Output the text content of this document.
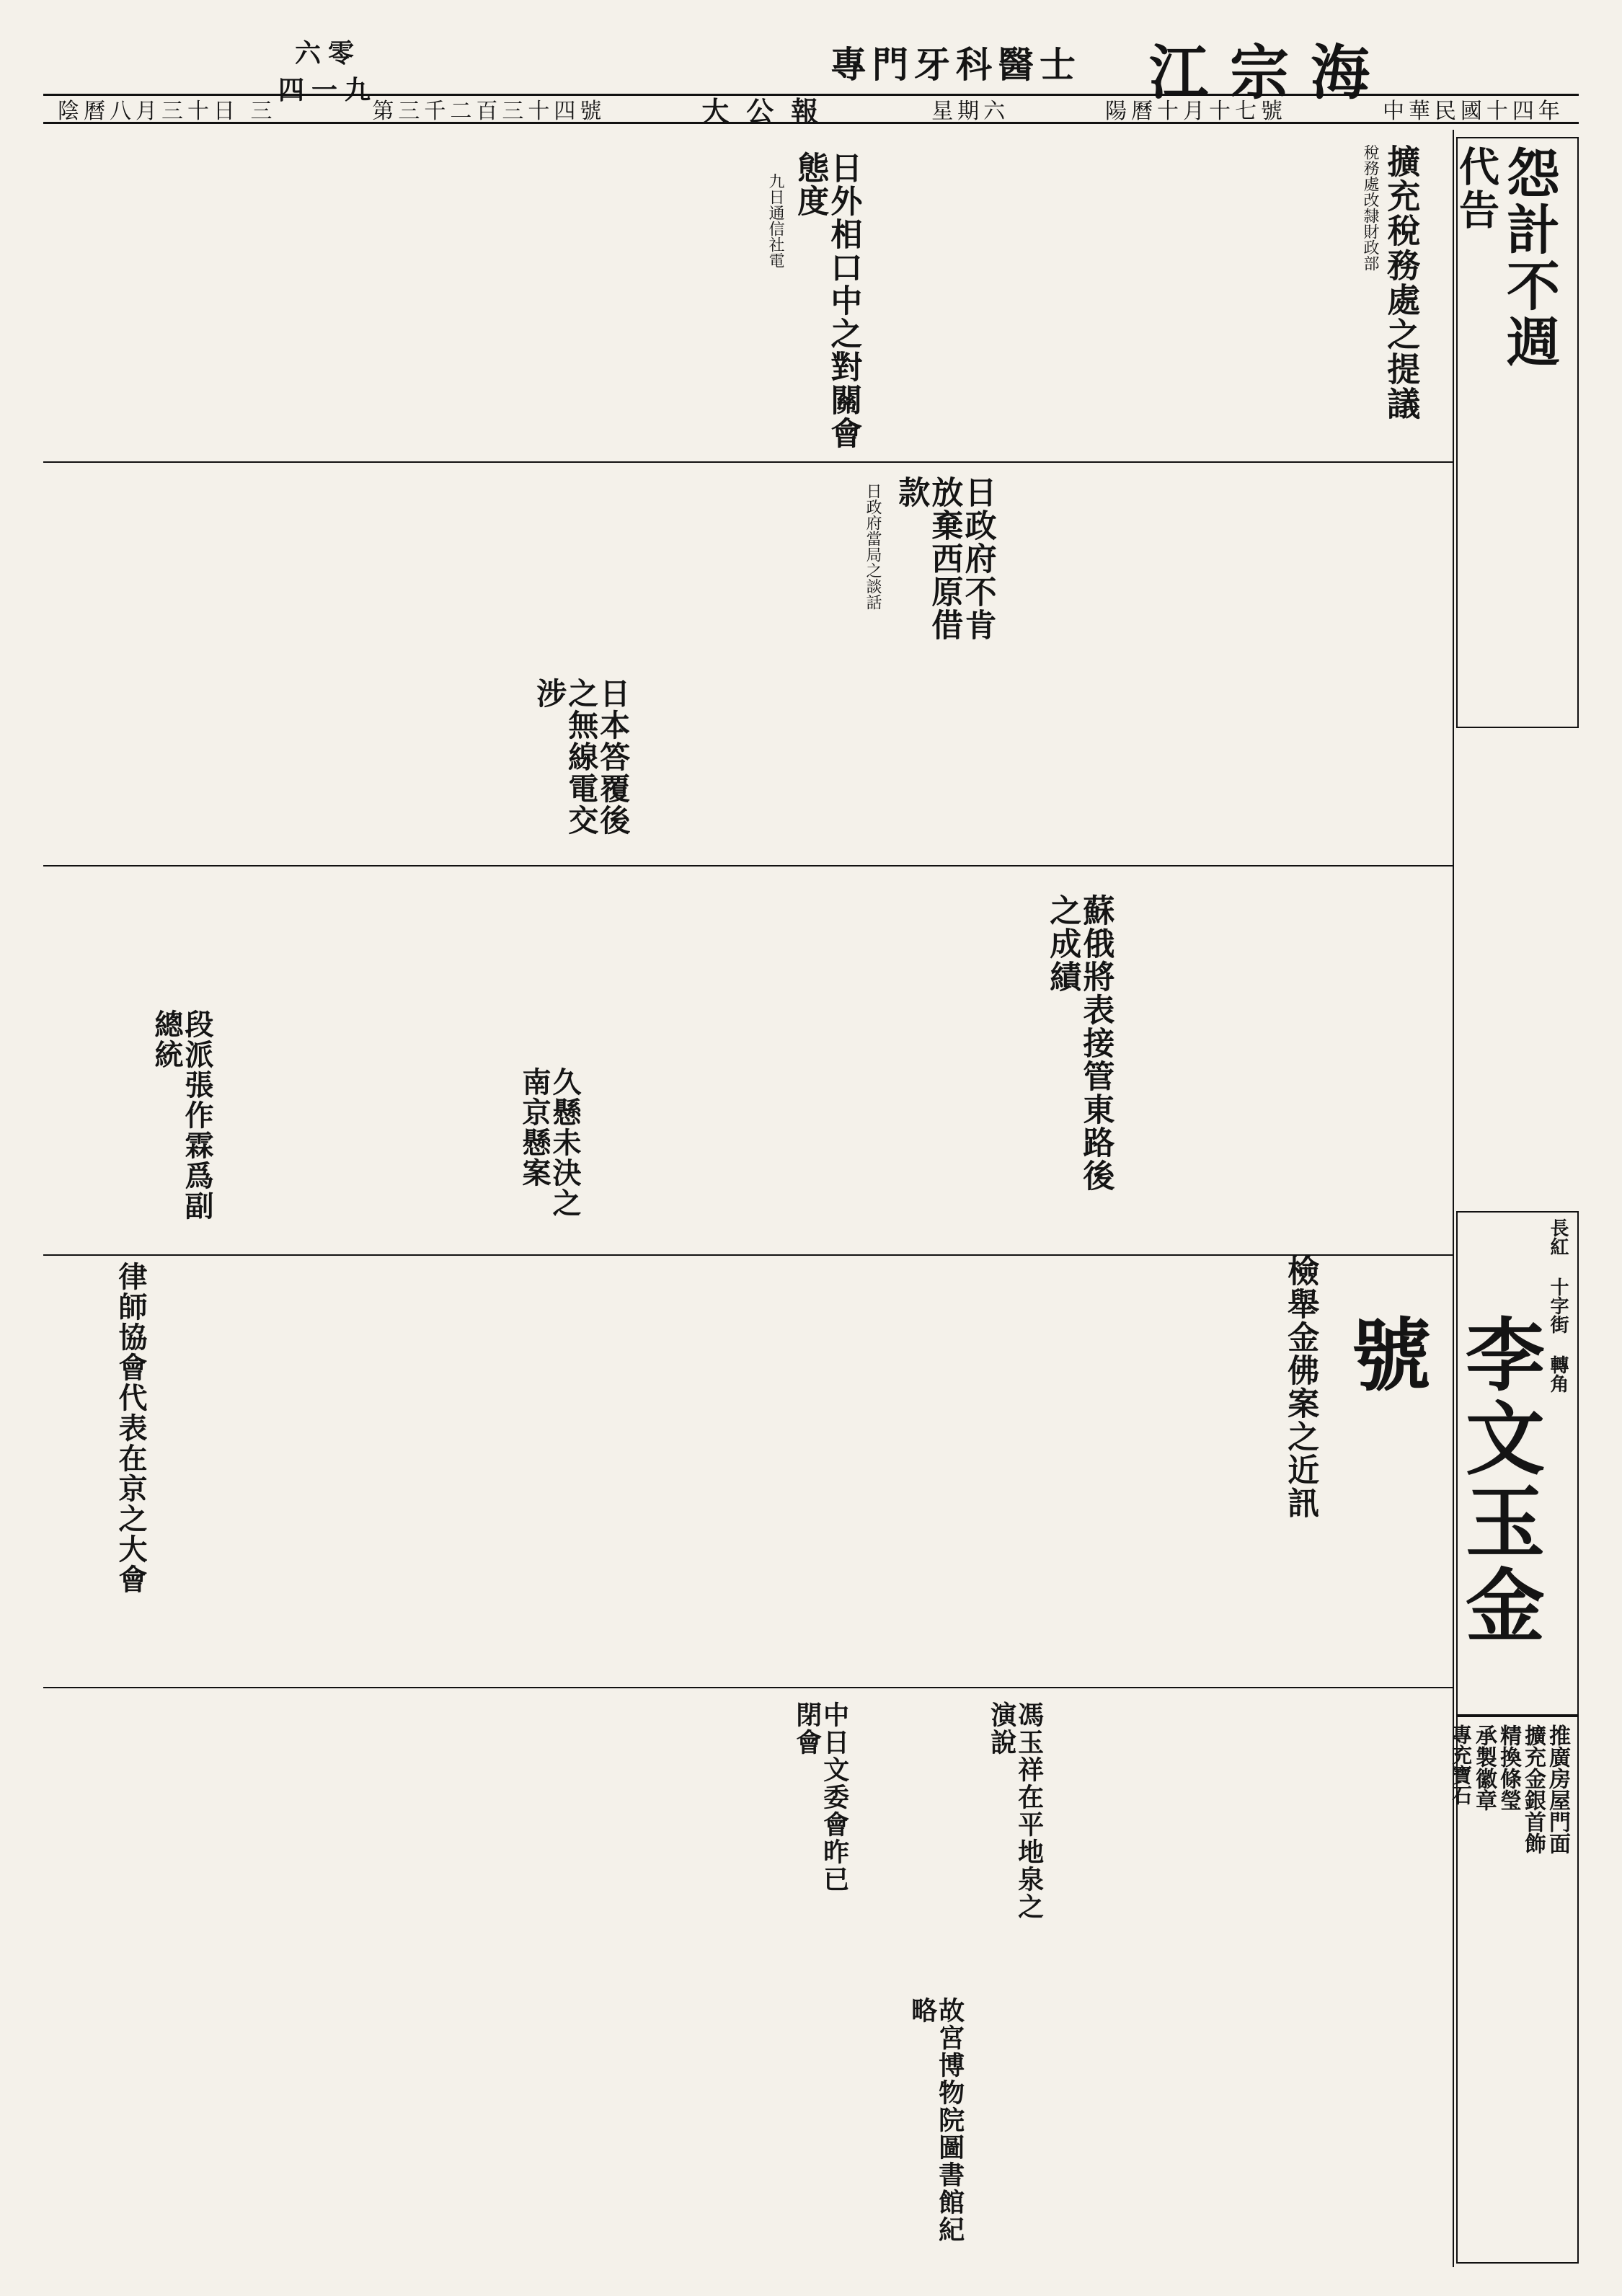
江宗海
專門牙科醫士
六零
四一九
陰曆八月三十日 三	第三千二百三十四號	大公報	星期六	陽曆十月十七號	中華民國十四年
怨計不週
代告
長紅 十字街 轉角
李文玉金號
推廣房屋門面
擴充金銀首飾
精換條瑩
承製徽章
專充寶石
擴充稅務處之提議
稅務處改隸財政部
日外相口中之對關會態度
九日通信社電
日政府不肯放棄西原借款
日政府當局之談話
日本答覆後之無線電交涉
蘇俄將表接管東路後之成績
久懸未決之南京懸案
段派張作霖爲副總統
檢舉金佛案之近訊
律師協會代表在京之大會
中日文委會昨已閉會	馮玉祥在平地泉之演說
故宮博物院圖書館紀略
